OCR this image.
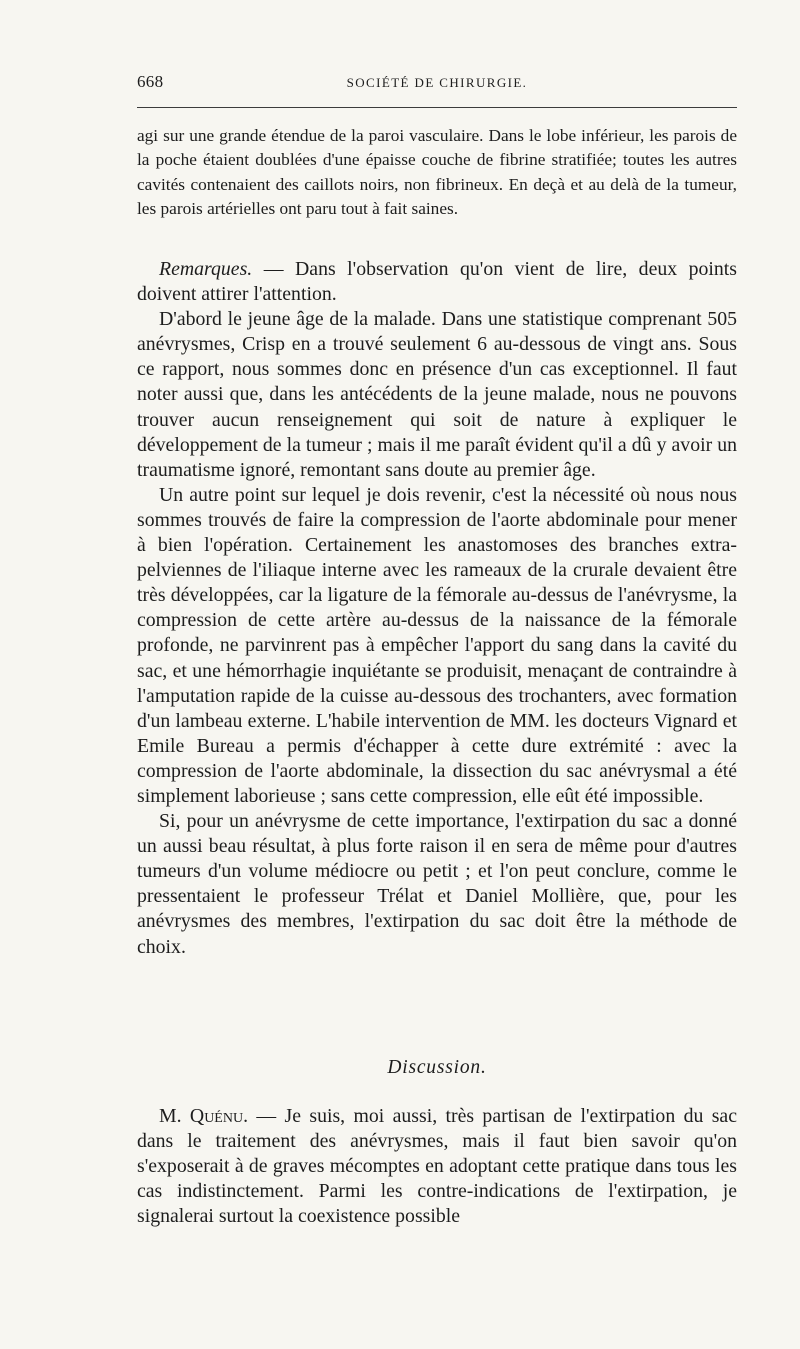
668	SOCIÉTÉ DE CHIRURGIE.

agi sur une grande étendue de la paroi vasculaire. Dans le lobe inférieur, les parois de la poche étaient doublées d'une épaisse couche de fibrine stratifiée; toutes les autres cavités contenaient des caillots noirs, non fibrineux. En deçà et au delà de la tumeur, les parois artérielles ont paru tout à fait saines.

Remarques. — Dans l'observation qu'on vient de lire, deux points doivent attirer l'attention.

D'abord le jeune âge de la malade. Dans une statistique comprenant 505 anévrysmes, Crisp en a trouvé seulement 6 au-dessous de vingt ans. Sous ce rapport, nous sommes donc en présence d'un cas exceptionnel. Il faut noter aussi que, dans les antécédents de la jeune malade, nous ne pouvons trouver aucun renseignement qui soit de nature à expliquer le développement de la tumeur ; mais il me paraît évident qu'il a dû y avoir un traumatisme ignoré, remontant sans doute au premier âge.

Un autre point sur lequel je dois revenir, c'est la nécessité où nous nous sommes trouvés de faire la compression de l'aorte abdominale pour mener à bien l'opération. Certainement les anastomoses des branches extra-pelviennes de l'iliaque interne avec les rameaux de la crurale devaient être très développées, car la ligature de la fémorale au-dessus de l'anévrysme, la compression de cette artère au-dessus de la naissance de la fémorale profonde, ne parvinrent pas à empêcher l'apport du sang dans la cavité du sac, et une hémorrhagie inquiétante se produisit, menaçant de contraindre à l'amputation rapide de la cuisse au-dessous des trochanters, avec formation d'un lambeau externe. L'habile intervention de MM. les docteurs Vignard et Emile Bureau a permis d'échapper à cette dure extrémité : avec la compression de l'aorte abdominale, la dissection du sac anévrysmal a été simplement laborieuse ; sans cette compression, elle eût été impossible.

Si, pour un anévrysme de cette importance, l'extirpation du sac a donné un aussi beau résultat, à plus forte raison il en sera de même pour d'autres tumeurs d'un volume médiocre ou petit ; et l'on peut conclure, comme le pressentaient le professeur Trélat et Daniel Mollière, que, pour les anévrysmes des membres, l'extirpation du sac doit être la méthode de choix.

Discussion.

M. Quénu. — Je suis, moi aussi, très partisan de l'extirpation du sac dans le traitement des anévrysmes, mais il faut bien savoir qu'on s'exposerait à de graves mécomptes en adoptant cette pratique dans tous les cas indistinctement. Parmi les contre-indications de l'extirpation, je signalerai surtout la coexistence possible
